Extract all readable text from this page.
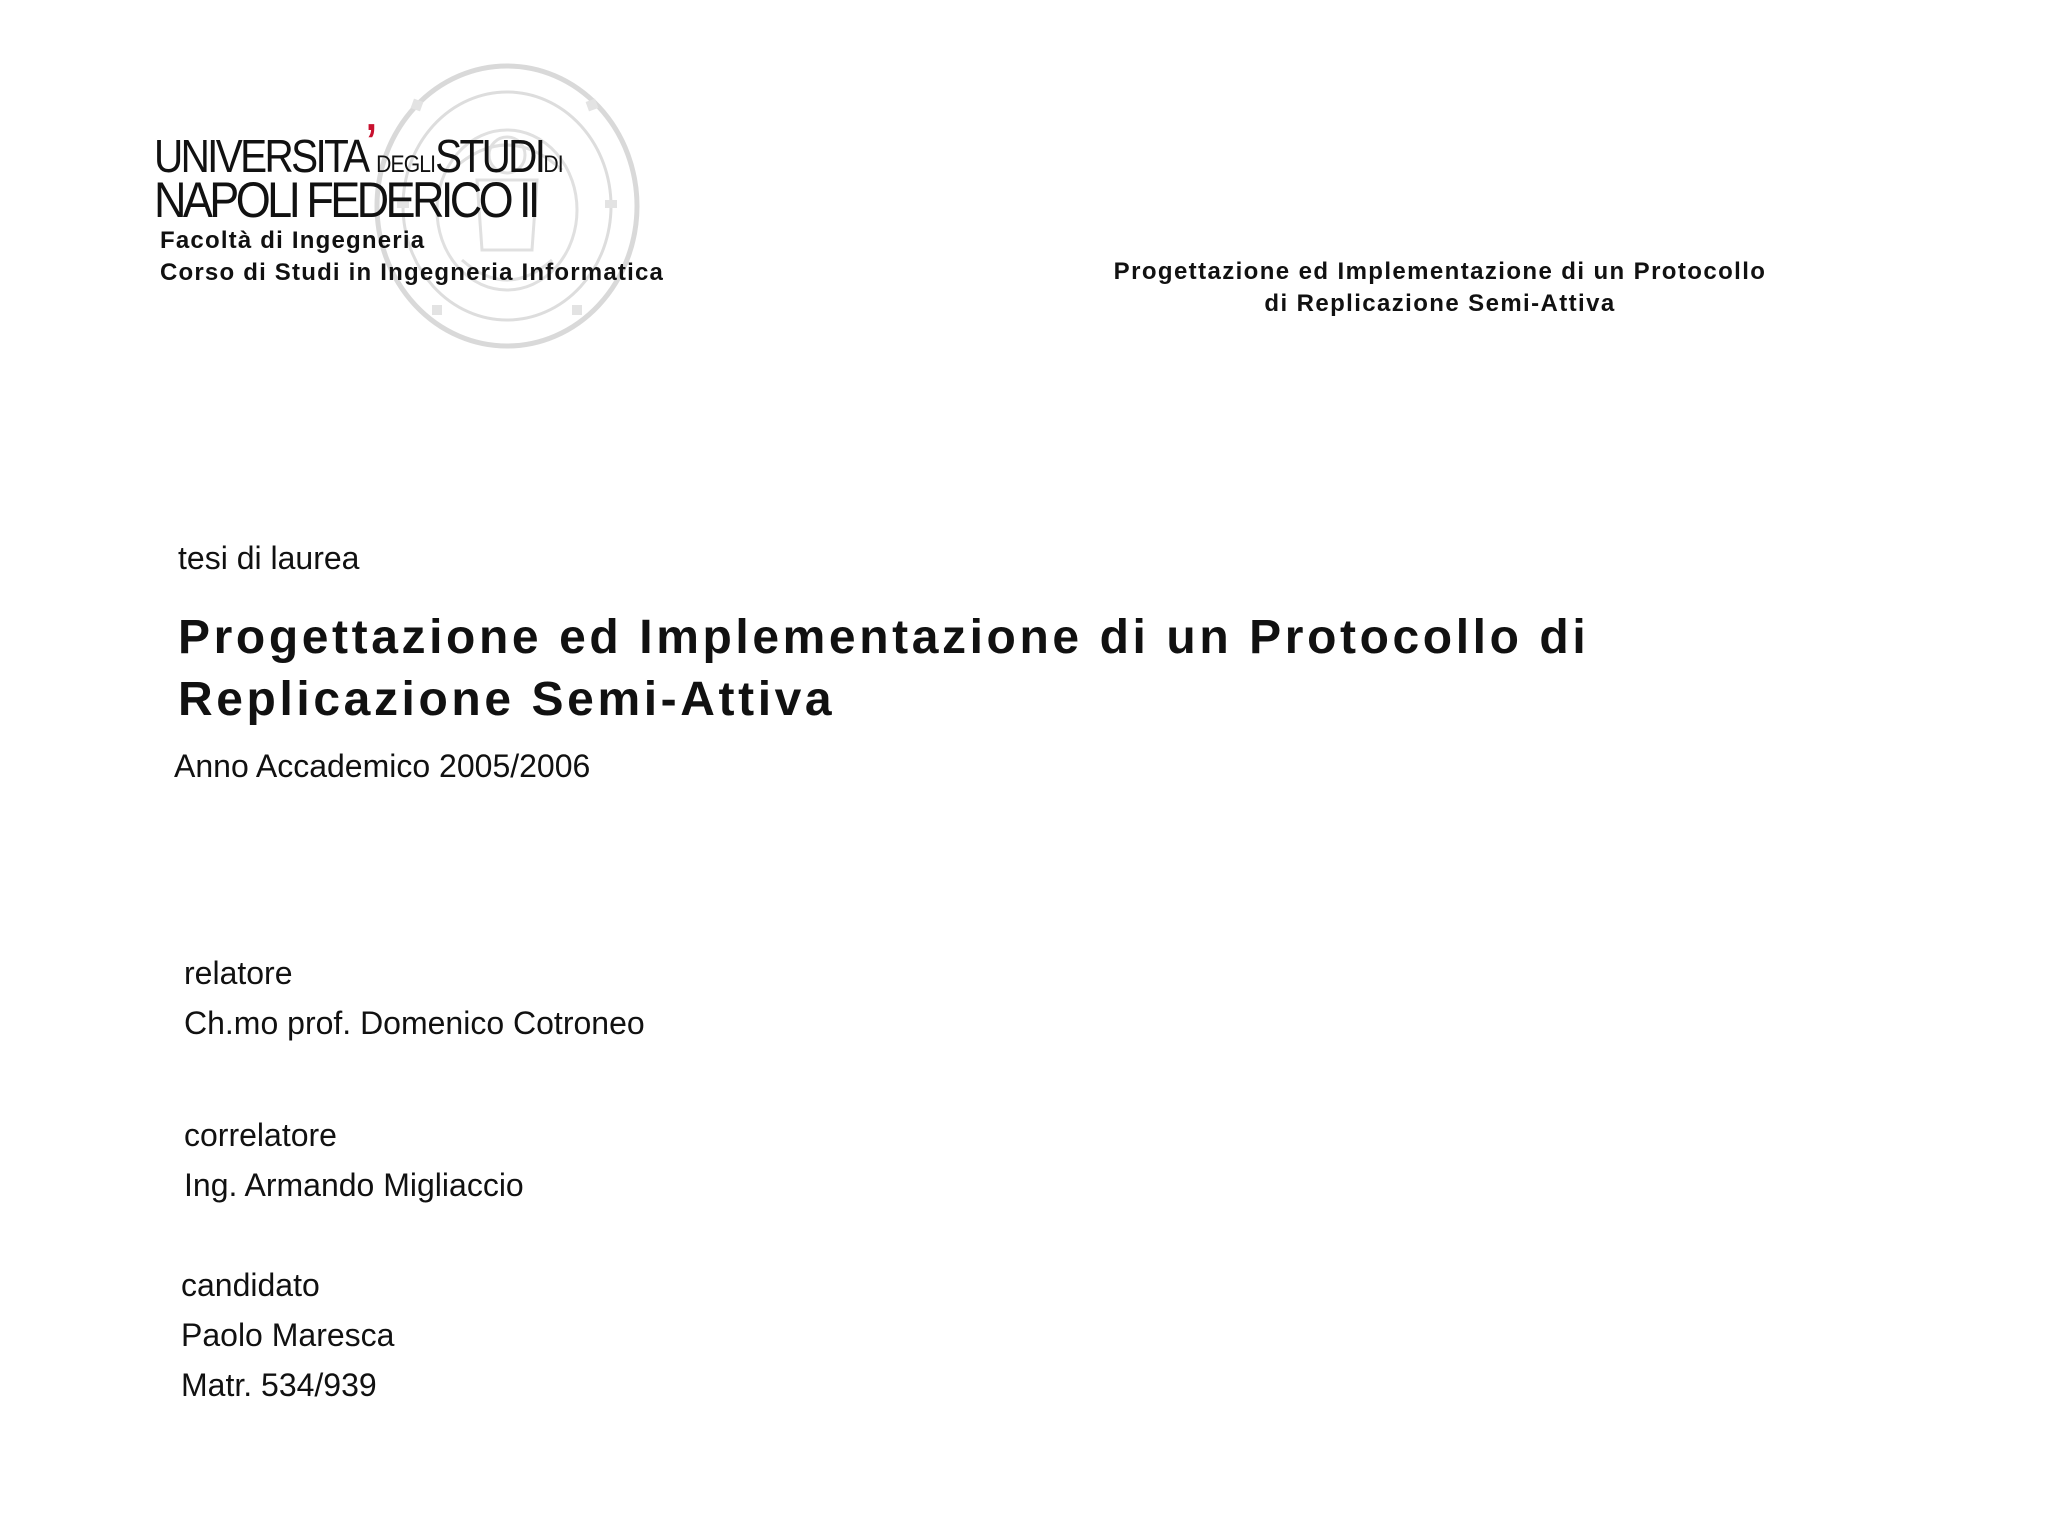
UNIVERSITA’DEGLISTUDIDI
NAPOLI FEDERICO II
Facoltà di Ingegneria
Corso di Studi in Ingegneria Informatica	Progettazione ed Implementazione di un Protocollo di Replicazione Semi-Attiva
tesi di laurea
Progettazione ed Implementazione di un Protocollo di
Replicazione Semi-Attiva
Anno Accademico 2005/2006
relatore
Ch.mo prof. Domenico Cotroneo
correlatore
Ing. Armando Migliaccio
candidato
Paolo Maresca
Matr. 534/939
